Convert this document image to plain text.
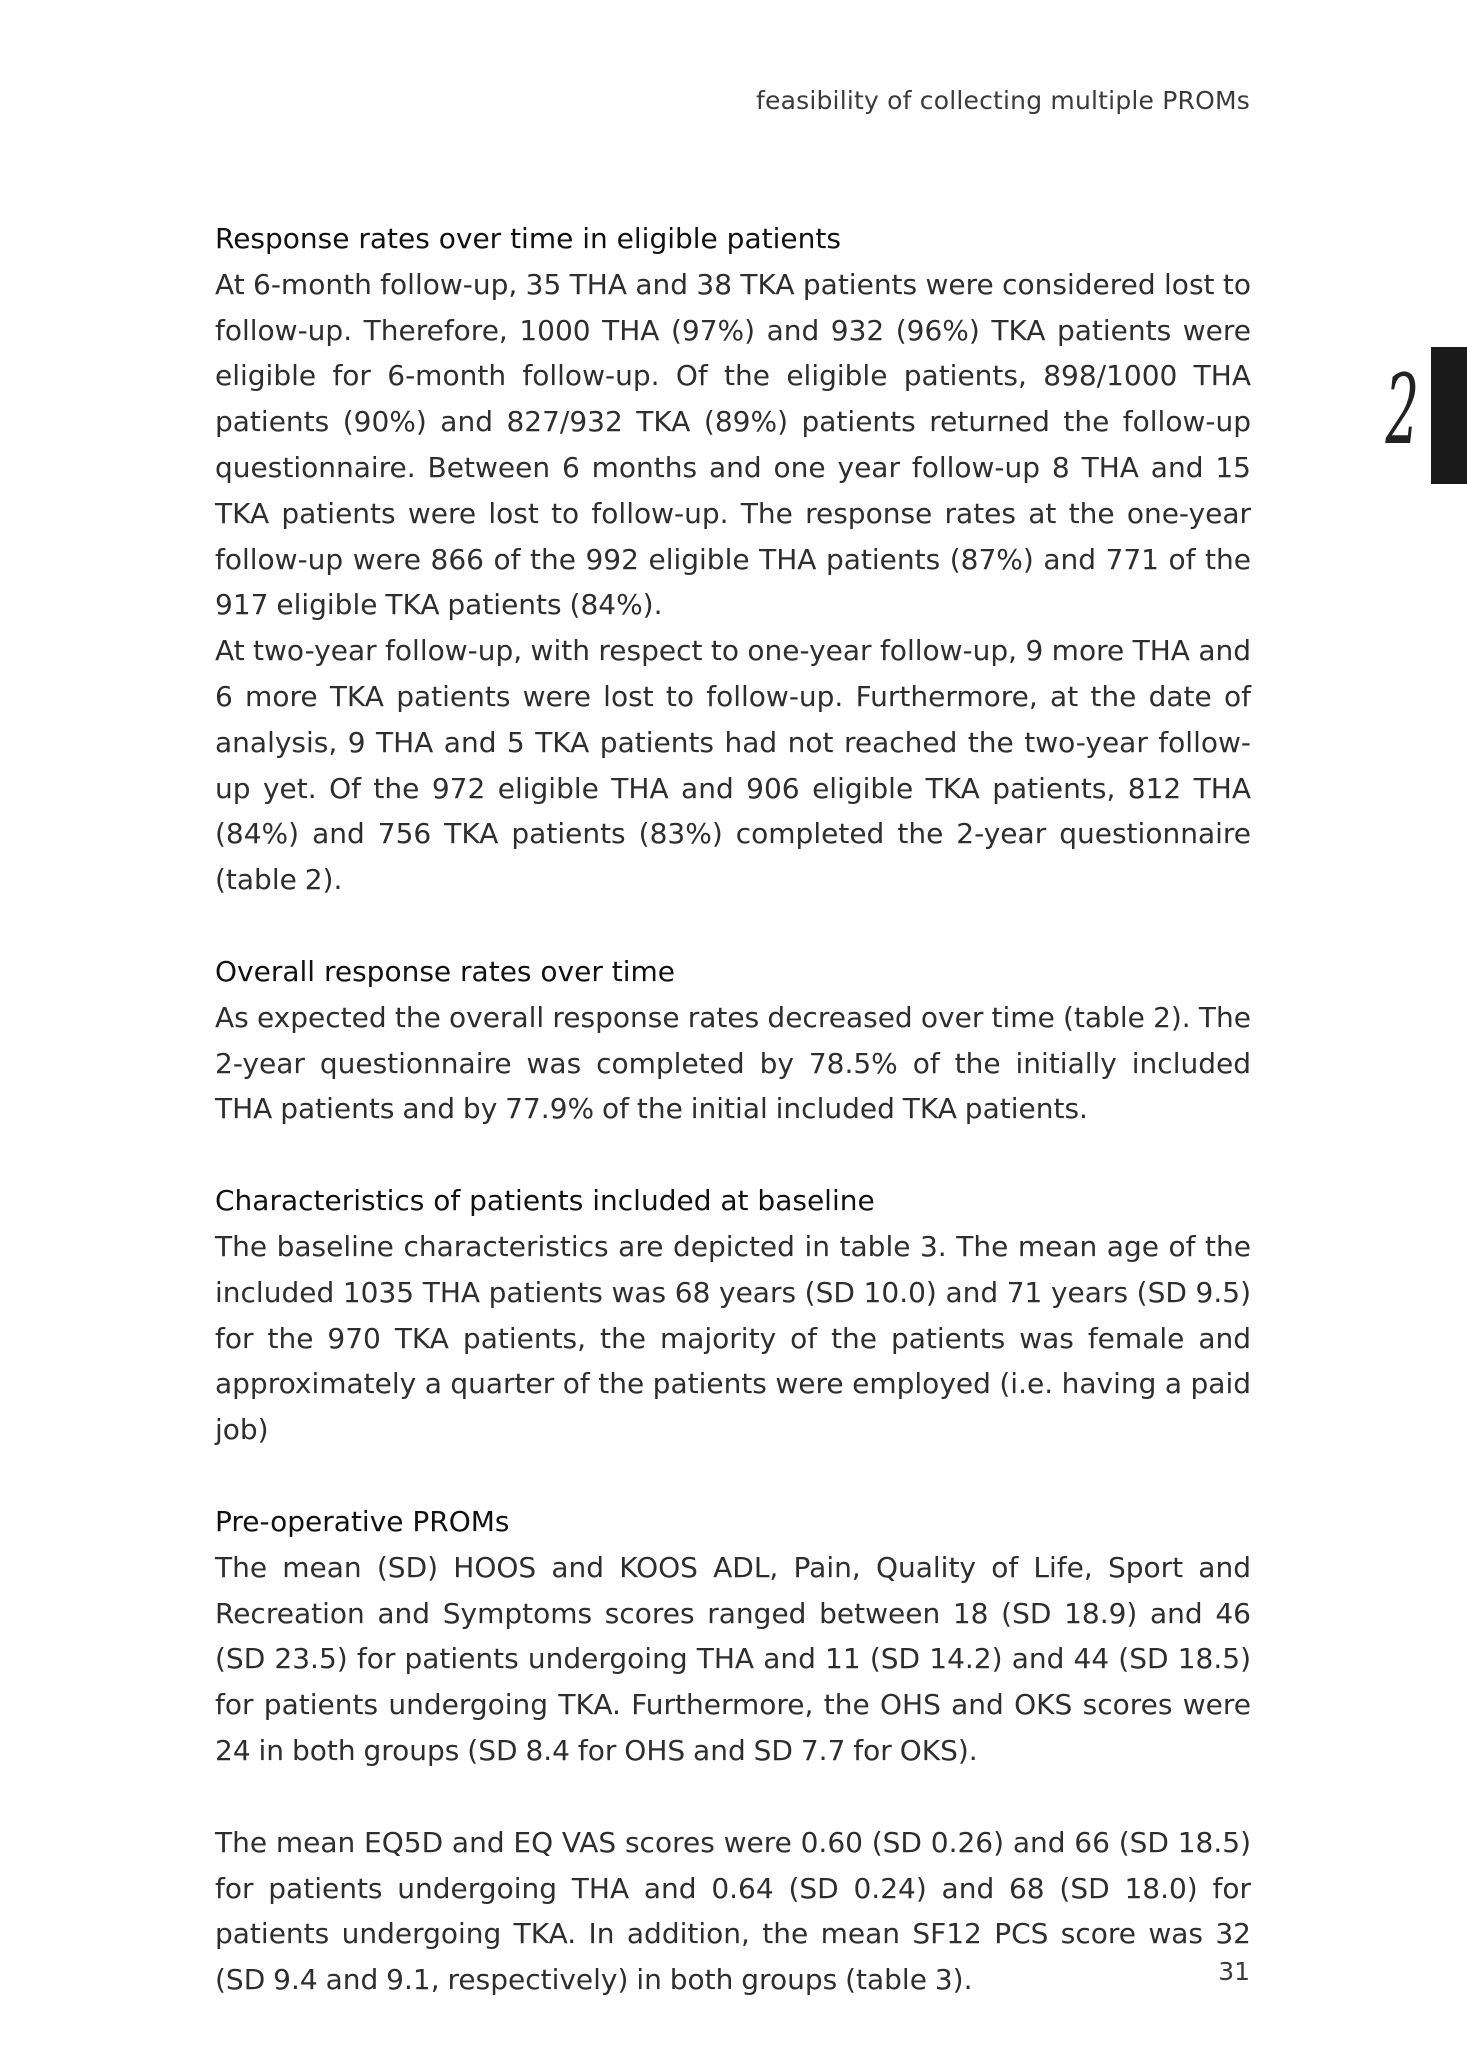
feasibility of collecting multiple PROMs
2
Response rates over time in eligible patients

At 6-month follow-up, 35 THA and 38 TKA patients were considered lost to follow-up. Therefore, 1000 THA (97%) and 932 (96%) TKA patients were eligible for 6-month follow-up. Of the eligible patients, 898/1000 THA patients (90%) and 827/932 TKA (89%) patients returned the follow-up questionnaire. Between 6 months and one year follow-up 8 THA and 15 TKA patients were lost to follow-up. The response rates at the one-year follow-up were 866 of the 992 eligible THA patients (87%) and 771 of the 917 eligible TKA patients (84%).

At two-year follow-up, with respect to one-year follow-up, 9 more THA and 6 more TKA patients were lost to follow-up. Furthermore, at the date of analysis, 9 THA and 5 TKA patients had not reached the two-year follow-up yet. Of the 972 eligible THA and 906 eligible TKA patients, 812 THA (84%) and 756 TKA patients (83%) completed the 2-year questionnaire (table 2).

Overall response rates over time

As expected the overall response rates decreased over time (table 2). The 2-year questionnaire was completed by 78.5% of the initially included THA patients and by 77.9% of the initial included TKA patients.

Characteristics of patients included at baseline

The baseline characteristics are depicted in table 3. The mean age of the included 1035 THA patients was 68 years (SD 10.0) and 71 years (SD 9.5) for the 970 TKA patients, the majority of the patients was female and approximately a quarter of the patients were employed (i.e. having a paid job)

Pre-operative PROMs

The mean (SD) HOOS and KOOS ADL, Pain, Quality of Life, Sport and Recreation and Symptoms scores ranged between 18 (SD 18.9) and 46 (SD 23.5) for patients undergoing THA and 11 (SD 14.2) and 44 (SD 18.5) for patients undergoing TKA. Furthermore, the OHS and OKS scores were 24 in both groups (SD 8.4 for OHS and SD 7.7 for OKS).

The mean EQ5D and EQ VAS scores were 0.60 (SD 0.26) and 66 (SD 18.5) for patients undergoing THA and 0.64 (SD 0.24) and 68 (SD 18.0) for patients undergoing TKA. In addition, the mean SF12 PCS score was 32 (SD 9.4 and 9.1, respectively) in both groups (table 3).	31
